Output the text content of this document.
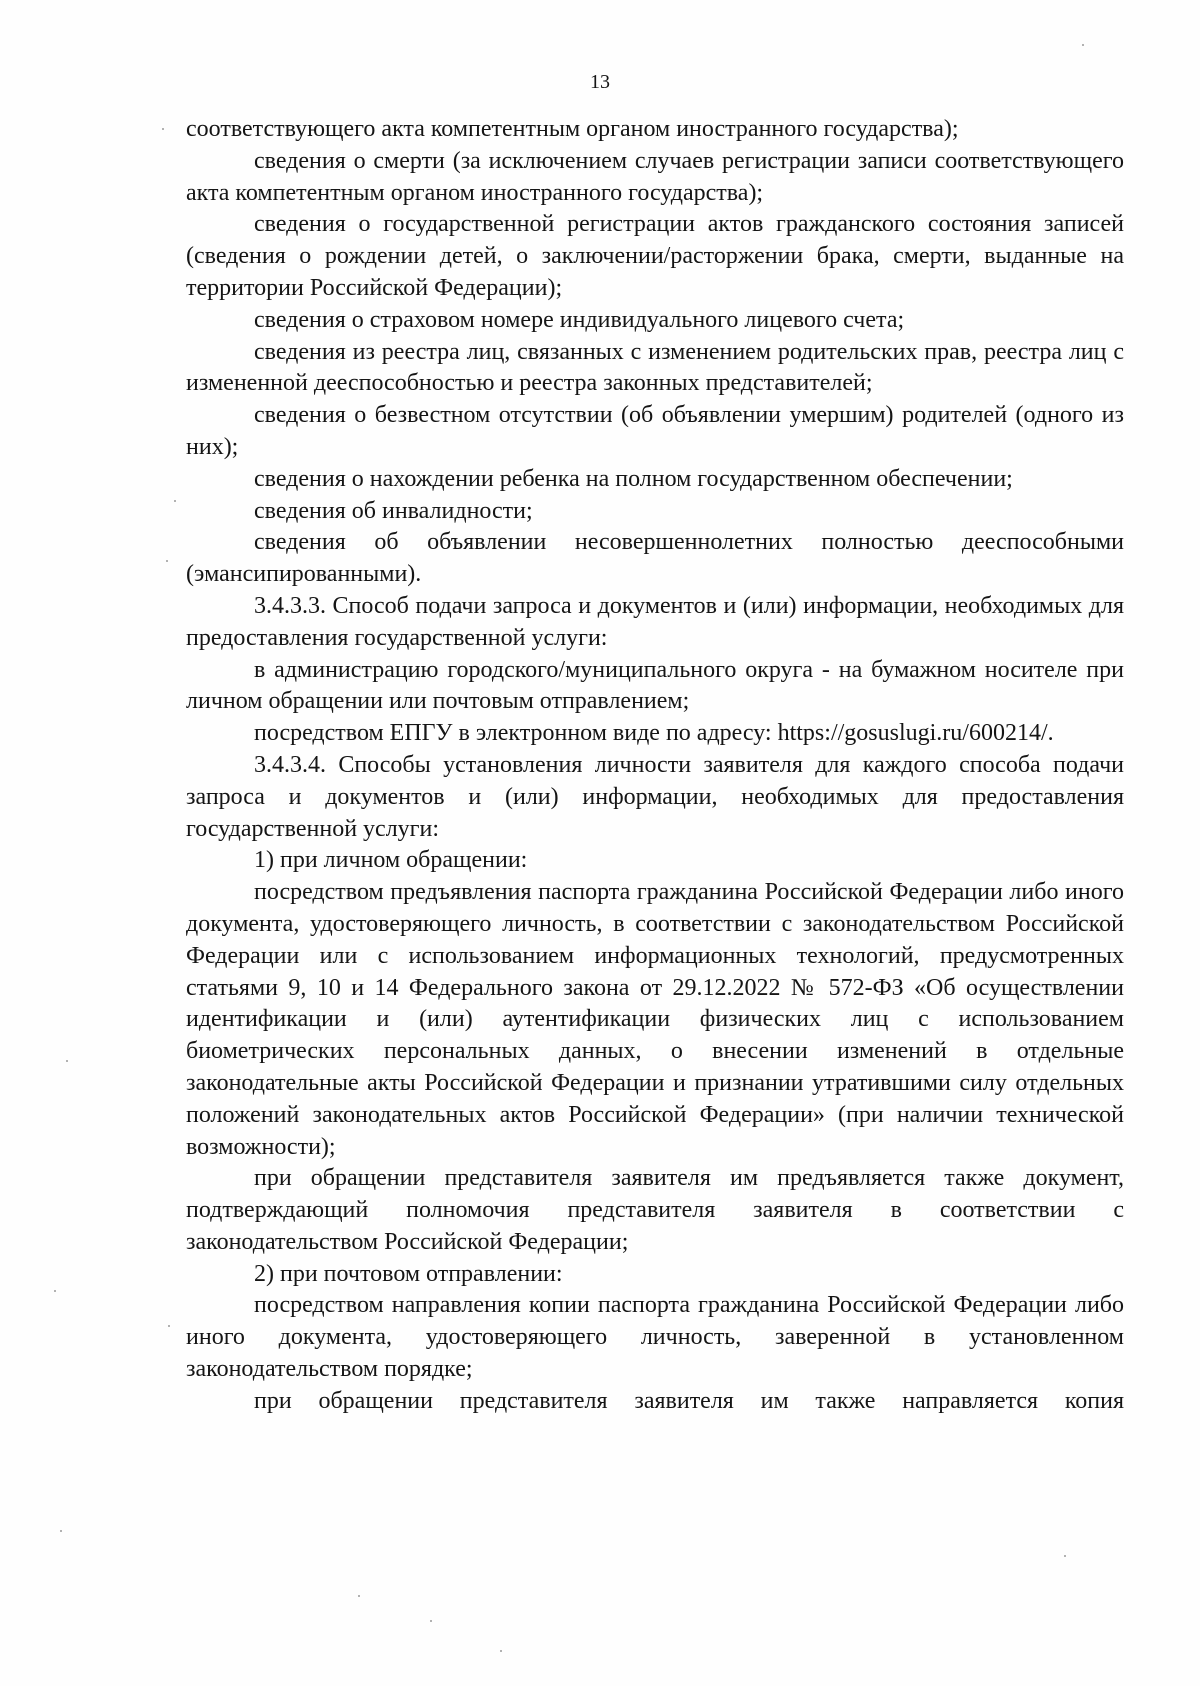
13

соответствующего акта компетентным органом иностранного государства);

сведения о смерти (за исключением случаев регистрации записи соответствующего акта компетентным органом иностранного государства);

сведения о государственной регистрации актов гражданского состояния записей (сведения о рождении детей, о заключении/расторжении брака, смерти, выданные на территории Российской Федерации);

сведения о страховом номере индивидуального лицевого счета;

сведения из реестра лиц, связанных с изменением родительских прав, реестра лиц с измененной дееспособностью и реестра законных представителей;

сведения о безвестном отсутствии (об объявлении умершим) родителей (одного из них);

сведения о нахождении ребенка на полном государственном обеспечении;

сведения об инвалидности;

сведения об объявлении несовершеннолетних полностью дееспособными (эмансипированными).

3.4.3.3. Способ подачи запроса и документов и (или) информации, необходимых для предоставления государственной услуги:

в администрацию городского/муниципального округа - на бумажном носителе при личном обращении или почтовым отправлением;

посредством ЕПГУ в электронном виде по адресу: https://gosuslugi.ru/600214/.

3.4.3.4. Способы установления личности заявителя для каждого способа подачи запроса и документов и (или) информации, необходимых для предоставления государственной услуги:

1) при личном обращении:

посредством предъявления паспорта гражданина Российской Федерации либо иного документа, удостоверяющего личность, в соответствии с законодательством Российской Федерации или с использованием информационных технологий, предусмотренных статьями 9, 10 и 14 Федерального закона от 29.12.2022 № 572-ФЗ «Об осуществлении идентификации и (или) аутентификации физических лиц с использованием биометрических персональных данных, о внесении изменений в отдельные законодательные акты Российской Федерации и признании утратившими силу отдельных положений законодательных актов Российской Федерации» (при наличии технической возможности);

при обращении представителя заявителя им предъявляется также документ, подтверждающий полномочия представителя заявителя в соответствии с законодательством Российской Федерации;

2) при почтовом отправлении:

посредством направления копии паспорта гражданина Российской Федерации либо иного документа, удостоверяющего личность, заверенной в установленном законодательством порядке;

при обращении представителя заявителя им также направляется копия
